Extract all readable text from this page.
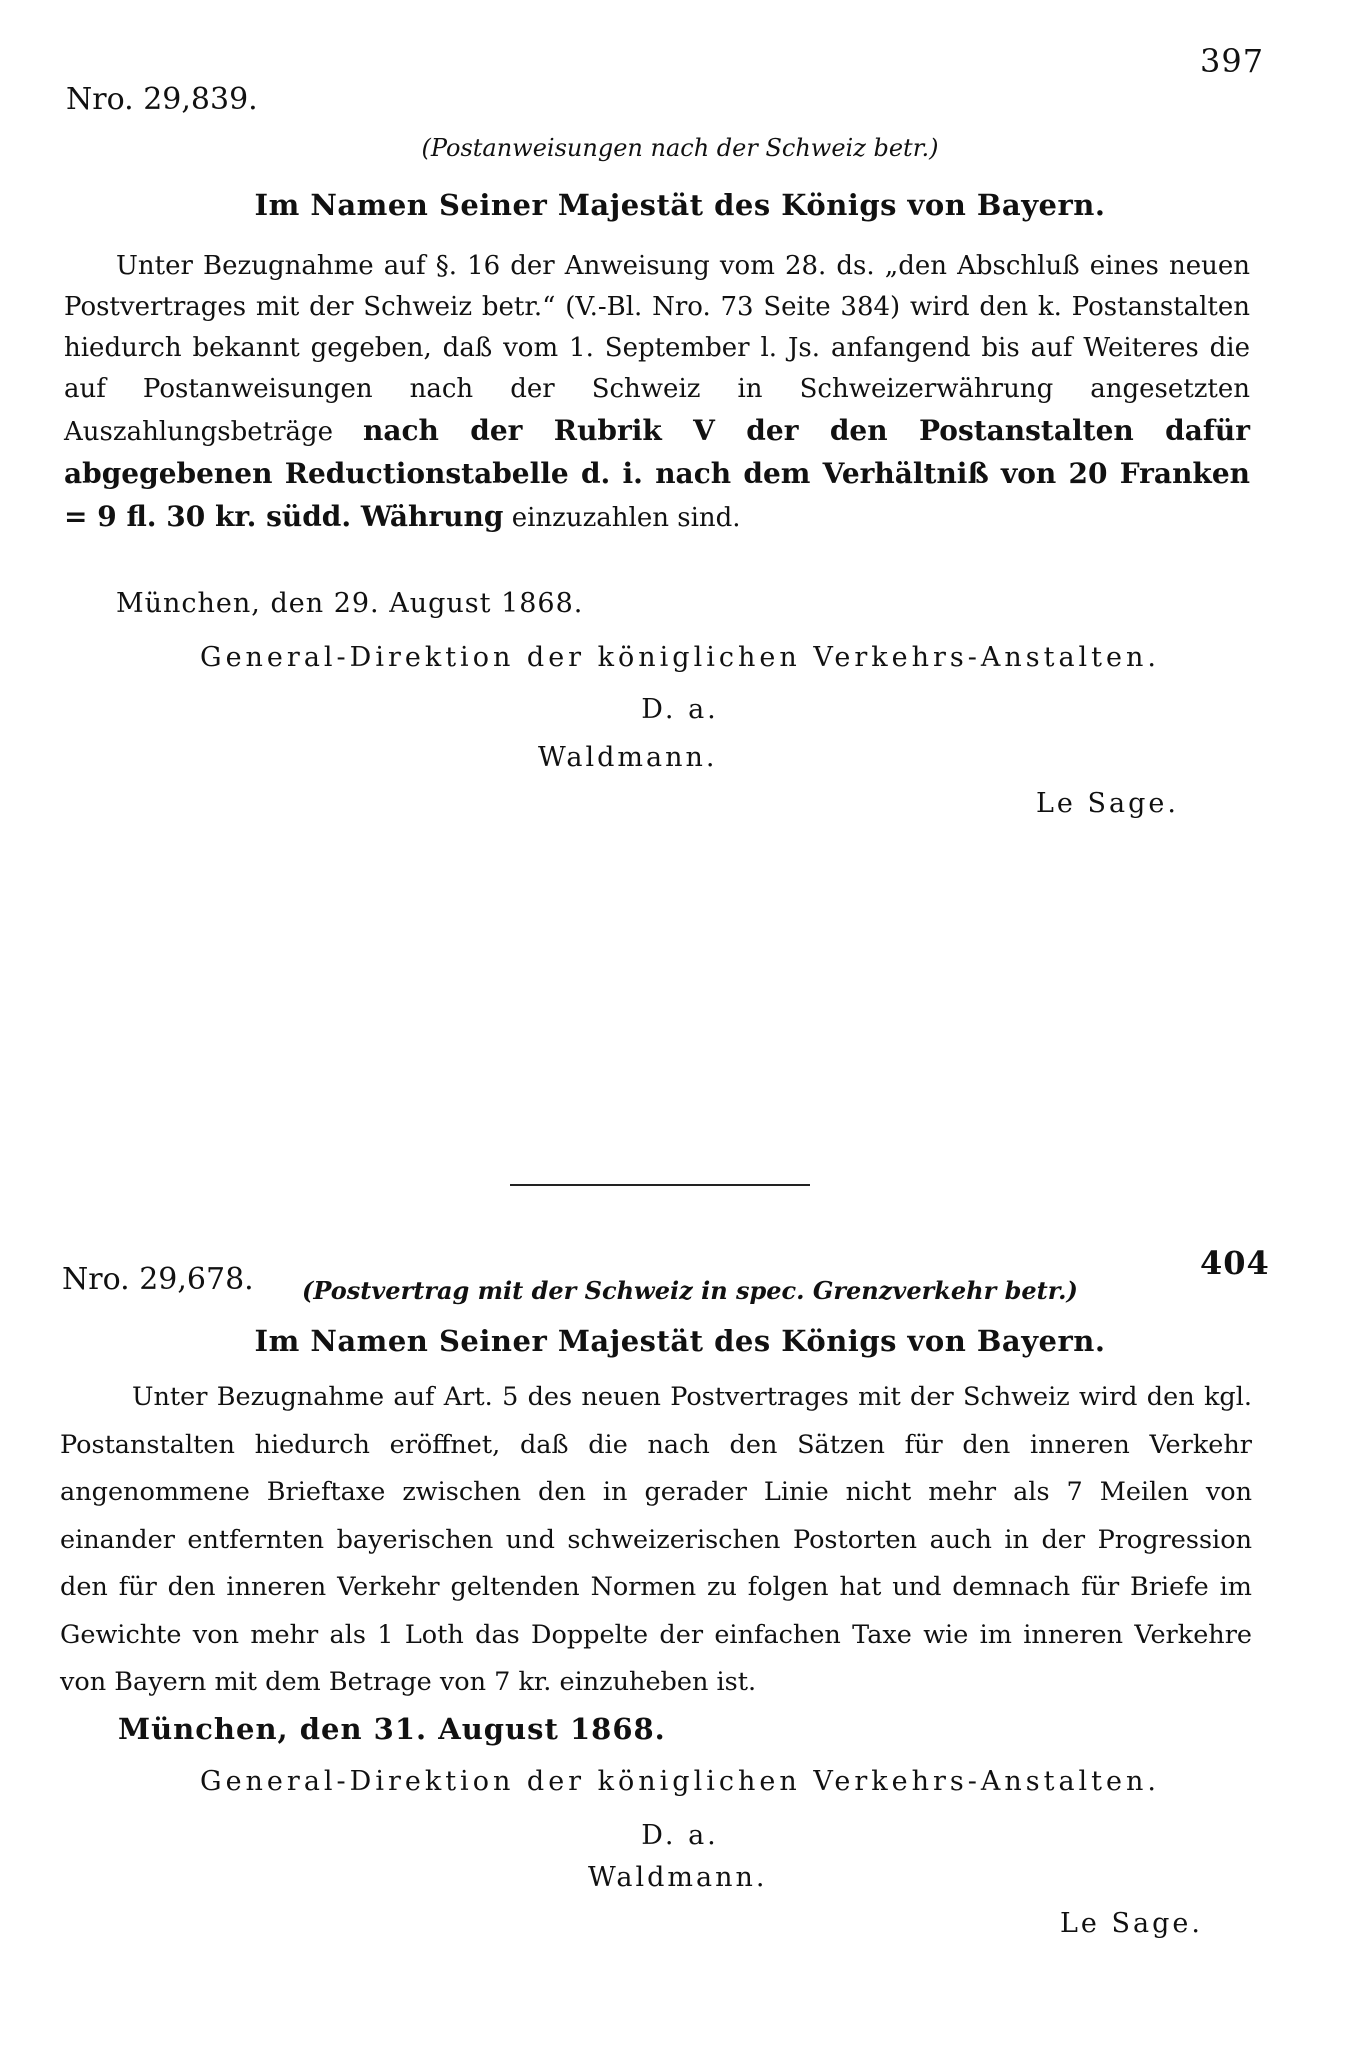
397
Nro. 29,839.
(Postanweisungen nach der Schweiz betr.)
Im Namen Seiner Majestät des Königs von Bayern.
Unter Bezugnahme auf §. 16 der Anweisung vom 28. ds. „den Abschluß eines neuen Postvertrages mit der Schweiz betr.“ (V.-Bl. Nro. 73 Seite 384) wird den k. Postanstalten hiedurch bekannt gegeben, daß vom 1. September l. Js. anfangend bis auf Weiteres die auf Postanweisungen nach der Schweiz in Schweizerwährung angesetzten Auszahlungsbeträge nach der Rubrik V der den Postanstalten dafür abgegebenen Reductionstabelle d. i. nach dem Verhältniß von 20 Franken = 9 fl. 30 kr. südd. Währung einzuzahlen sind.
München, den 29. August 1868.
General-Direktion der königlichen Verkehrs-Anstalten.
D. a.
Waldmann.
Le Sage.
404
Nro. 29,678. (Postvertrag mit der Schweiz in spec. Grenzverkehr betr.)
Im Namen Seiner Majestät des Königs von Bayern.
Unter Bezugnahme auf Art. 5 des neuen Postvertrages mit der Schweiz wird den kgl. Postanstalten hiedurch eröffnet, daß die nach den Sätzen für den inneren Verkehr angenommene Brieftaxe zwischen den in gerader Linie nicht mehr als 7 Meilen von einander entfernten bayerischen und schweizerischen Postorten auch in der Progression den für den inneren Verkehr geltenden Normen zu folgen hat und demnach für Briefe im Gewichte von mehr als 1 Loth das Doppelte der einfachen Taxe wie im inneren Verkehre von Bayern mit dem Betrage von 7 kr. einzuheben ist.
München, den 31. August 1868.
General-Direktion der königlichen Verkehrs-Anstalten.
D. a.
Waldmann.
Le Sage.
